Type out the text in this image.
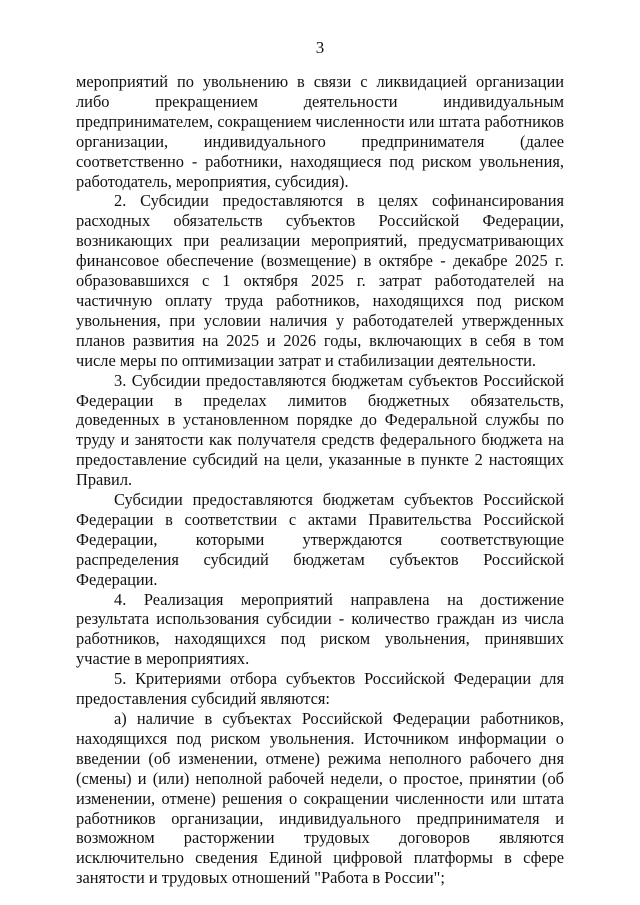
3

мероприятий по увольнению в связи с ликвидацией организации либо прекращением деятельности индивидуальным предпринимателем, сокращением численности или штата работников организации, индивидуального предпринимателя (далее соответственно - работники, находящиеся под риском увольнения, работодатель, мероприятия, субсидия).

2. Субсидии предоставляются в целях софинансирования расходных обязательств субъектов Российской Федерации, возникающих при реализации мероприятий, предусматривающих финансовое обеспечение (возмещение) в октябре - декабре 2025 г. образовавшихся с 1 октября 2025 г. затрат работодателей на частичную оплату труда работников, находящихся под риском увольнения, при условии наличия у работодателей утвержденных планов развития на 2025 и 2026 годы, включающих в себя в том числе меры по оптимизации затрат и стабилизации деятельности.

3. Субсидии предоставляются бюджетам субъектов Российской Федерации в пределах лимитов бюджетных обязательств, доведенных в установленном порядке до Федеральной службы по труду и занятости как получателя средств федерального бюджета на предоставление субсидий на цели, указанные в пункте 2 настоящих Правил.

Субсидии предоставляются бюджетам субъектов Российской Федерации в соответствии с актами Правительства Российской Федерации, которыми утверждаются соответствующие распределения субсидий бюджетам субъектов Российской Федерации.

4. Реализация мероприятий направлена на достижение результата использования субсидии - количество граждан из числа работников, находящихся под риском увольнения, принявших участие в мероприятиях.

5. Критериями отбора субъектов Российской Федерации для предоставления субсидий являются:

а) наличие в субъектах Российской Федерации работников, находящихся под риском увольнения. Источником информации о введении (об изменении, отмене) режима неполного рабочего дня (смены) и (или) неполной рабочей недели, о простое, принятии (об изменении, отмене) решения о сокращении численности или штата работников организации, индивидуального предпринимателя и возможном расторжении трудовых договоров являются исключительно сведения Единой цифровой платформы в сфере занятости и трудовых отношений "Работа в России";
